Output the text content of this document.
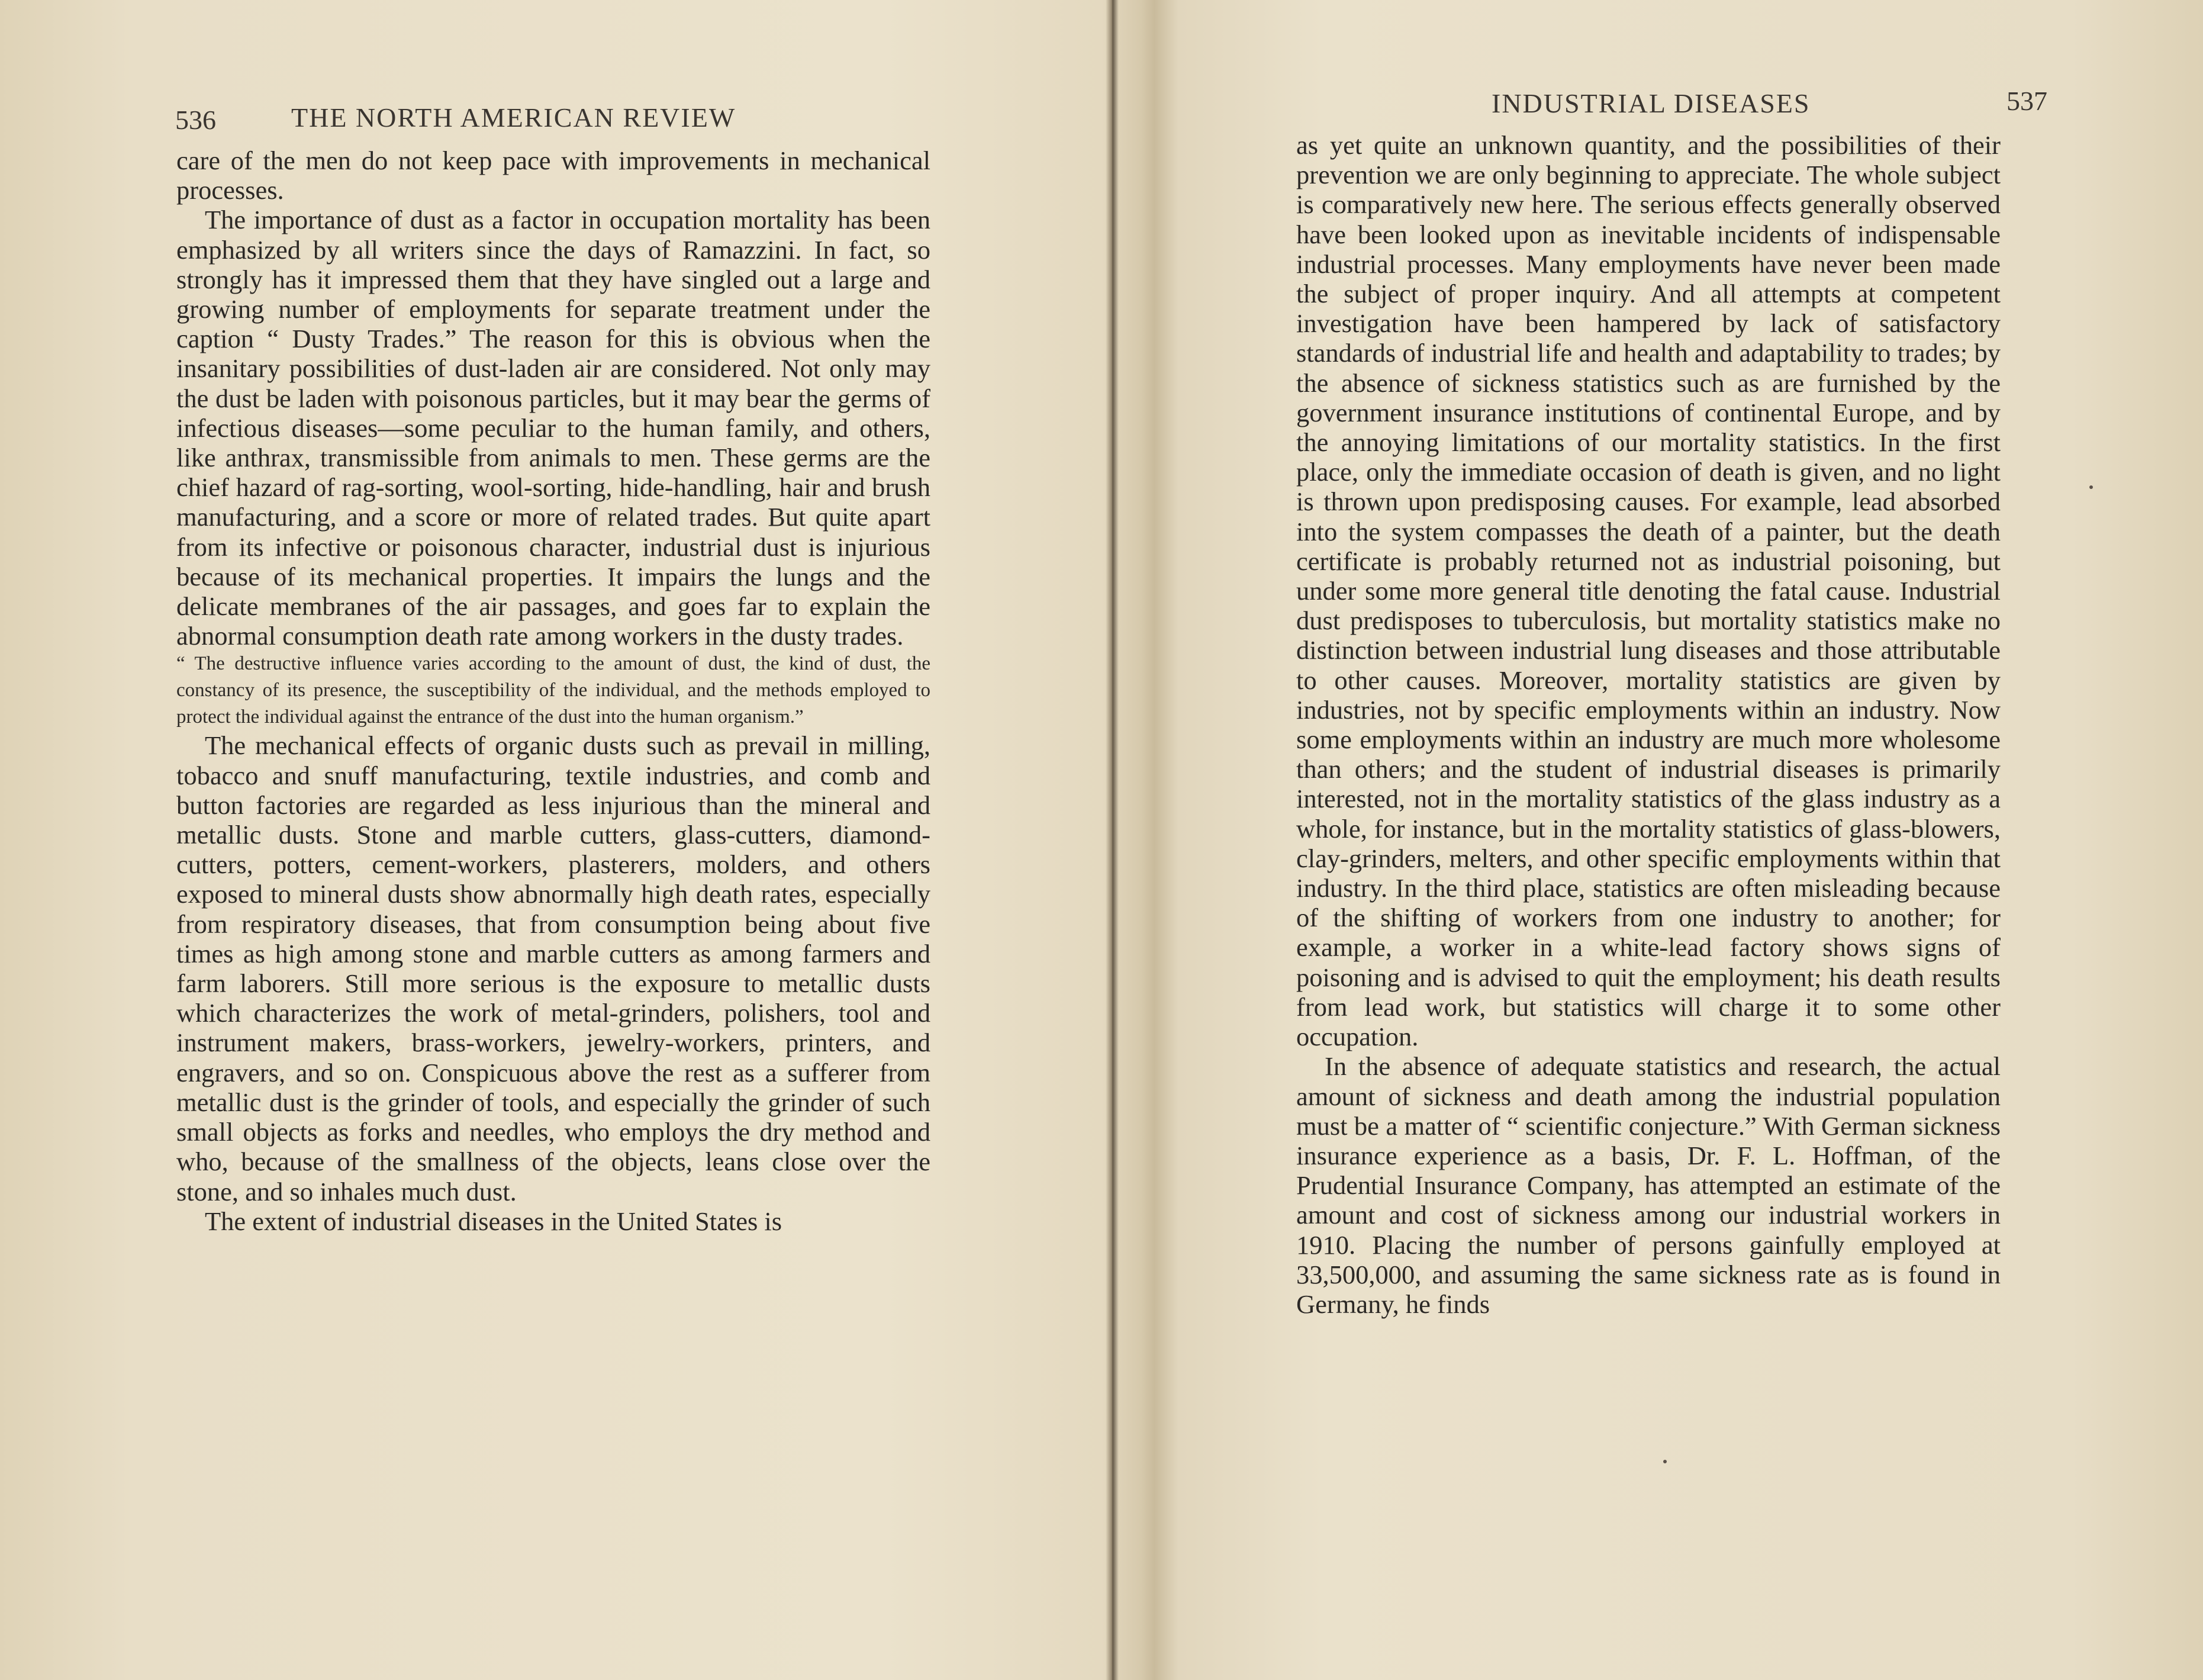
536	THE NORTH AMERICAN REVIEW

care of the men do not keep pace with improvements in mechanical processes.

The importance of dust as a factor in occupation mortality has been emphasized by all writers since the days of Ramazzini. In fact, so strongly has it impressed them that they have singled out a large and growing number of employments for separate treatment under the caption “ Dusty Trades.” The reason for this is obvious when the insanitary possibilities of dust-laden air are considered. Not only may the dust be laden with poisonous particles, but it may bear the germs of infectious diseases—some peculiar to the human family, and others, like anthrax, transmissible from animals to men. These germs are the chief hazard of rag-sorting, wool-sorting, hide-handling, hair and brush manufacturing, and a score or more of related trades. But quite apart from its infective or poisonous character, industrial dust is injurious because of its mechanical properties. It impairs the lungs and the delicate membranes of the air passages, and goes far to explain the abnormal consumption death rate among workers in the dusty trades.

“ The destructive influence varies according to the amount of dust, the kind of dust, the constancy of its presence, the susceptibility of the individual, and the methods employed to protect the individual against the entrance of the dust into the human organism.”

The mechanical effects of organic dusts such as prevail in milling, tobacco and snuff manufacturing, textile industries, and comb and button factories are regarded as less injurious than the mineral and metallic dusts. Stone and marble cutters, glass-cutters, diamond-cutters, potters, cement-workers, plasterers, molders, and others exposed to mineral dusts show abnormally high death rates, especially from respiratory diseases, that from consumption being about five times as high among stone and marble cutters as among farmers and farm laborers. Still more serious is the exposure to metallic dusts which characterizes the work of metal-grinders, polishers, tool and instrument makers, brass-workers, jewelry-workers, printers, and engravers, and so on. Conspicuous above the rest as a sufferer from metallic dust is the grinder of tools, and especially the grinder of such small objects as forks and needles, who employs the dry method and who, because of the smallness of the objects, leans close over the stone, and so inhales much dust.

The extent of industrial diseases in the United States is

INDUSTRIAL DISEASES	537

as yet quite an unknown quantity, and the possibilities of their prevention we are only beginning to appreciate. The whole subject is comparatively new here. The serious effects generally observed have been looked upon as inevitable incidents of indispensable industrial processes. Many employments have never been made the subject of proper inquiry. And all attempts at competent investigation have been hampered by lack of satisfactory standards of industrial life and health and adaptability to trades; by the absence of sickness statistics such as are furnished by the government insurance institutions of continental Europe, and by the annoying limitations of our mortality statistics. In the first place, only the immediate occasion of death is given, and no light is thrown upon predisposing causes. For example, lead absorbed into the system compasses the death of a painter, but the death certificate is probably returned not as industrial poisoning, but under some more general title denoting the fatal cause. Industrial dust predisposes to tuberculosis, but mortality statistics make no distinction between industrial lung diseases and those attributable to other causes. Moreover, mortality statistics are given by industries, not by specific employments within an industry. Now some employments within an industry are much more wholesome than others; and the student of industrial diseases is primarily interested, not in the mortality statistics of the glass industry as a whole, for instance, but in the mortality statistics of glass-blowers, clay-grinders, melters, and other specific employments within that industry. In the third place, statistics are often misleading because of the shifting of workers from one industry to another; for example, a worker in a white-lead factory shows signs of poisoning and is advised to quit the employment; his death results from lead work, but statistics will charge it to some other occupation.

In the absence of adequate statistics and research, the actual amount of sickness and death among the industrial population must be a matter of “ scientific conjecture.” With German sickness insurance experience as a basis, Dr. F. L. Hoffman, of the Prudential Insurance Company, has attempted an estimate of the amount and cost of sickness among our industrial workers in 1910. Placing the number of persons gainfully employed at 33,500,000, and assuming the same sickness rate as is found in Germany, he finds
